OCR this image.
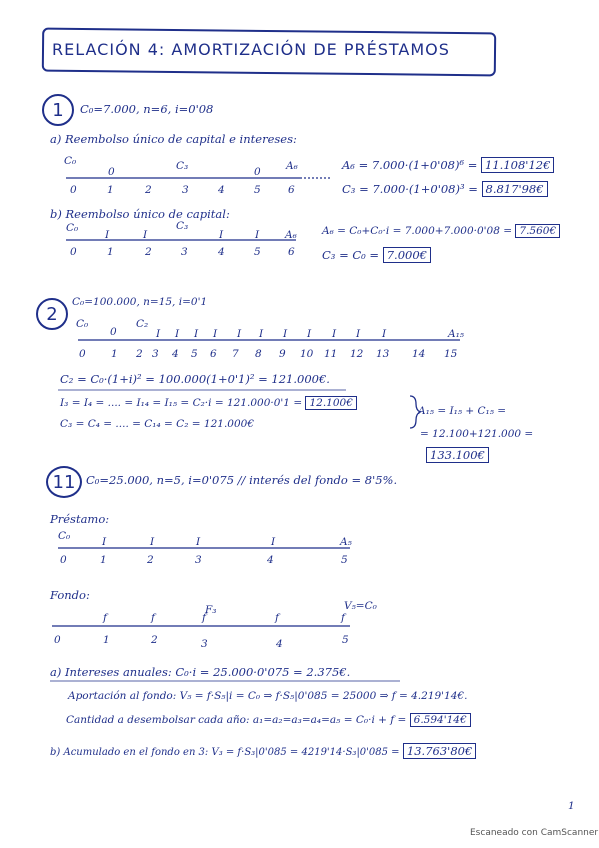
RELACIÓN 4: AMORTIZACIÓN DE PRÉSTAMOS
1	C₀=7.000, n=6, i=0'08
a) Reembolso único de capital e intereses:
C₀
0	C₃	0 A₆
0	1	2	3	4	5	6
A₆ = 7.000·(1+0'08)⁶ = 11.108'12€
C₃ = 7.000·(1+0'08)³ = 8.817'98€
b) Reembolso único de capital:
C₀
I	I
C₃
I	I A₆
0	1	2	3	4	5	6
A₆ = C₀+C₀·i = 7.000+7.000·0'08 = 7.560€
C₃ = C₀ = 7.000€
2
C₀=100.000, n=15, i=0'1
C₀
0
C₂
I I I I I I I I I I I	A₁₅
0 1 2 3 4 5 6 7 8 9 10 11 12 13 14 15
C₂ = C₀·(1+i)² = 100.000(1+0'1)² = 121.000€.
I₃ = I₄ = .... = I₁₄ = I₁₅ = C₂·i = 121.000·0'1 = 12.100€
C₃ = C₄ = .... = C₁₄ = C₂ = 121.000€
A₁₅ = I₁₅ + C₁₅ =
= 12.100+121.000 =
133.100€
11 C₀=25.000, n=5, i=0'075 // interés del fondo = 8'5%.
Préstamo:
C₀	I	I	I	I	A₅
0	1	2	3	4	5
Fondo:
f	f	f	f	f
V₅=C₀
F₃
0	1	2	3	4	5
a) Intereses anuales: C₀·i = 25.000·0'075 = 2.375€.
Aportación al fondo: V₅ = f·S₅|i = C₀ ⇒ f·S₅|0'085 = 25000 ⇒ f = 4.219'14€.
Cantidad a desembolsar cada año: a₁=a₂=a₃=a₄=a₅ = C₀·i + f = 6.594'14€
b) Acumulado en el fondo en 3: V₃ = f·S₃|0'085 = 4219'14·S₃|0'085 = 13.763'80€
1
Escaneado con CamScanner
